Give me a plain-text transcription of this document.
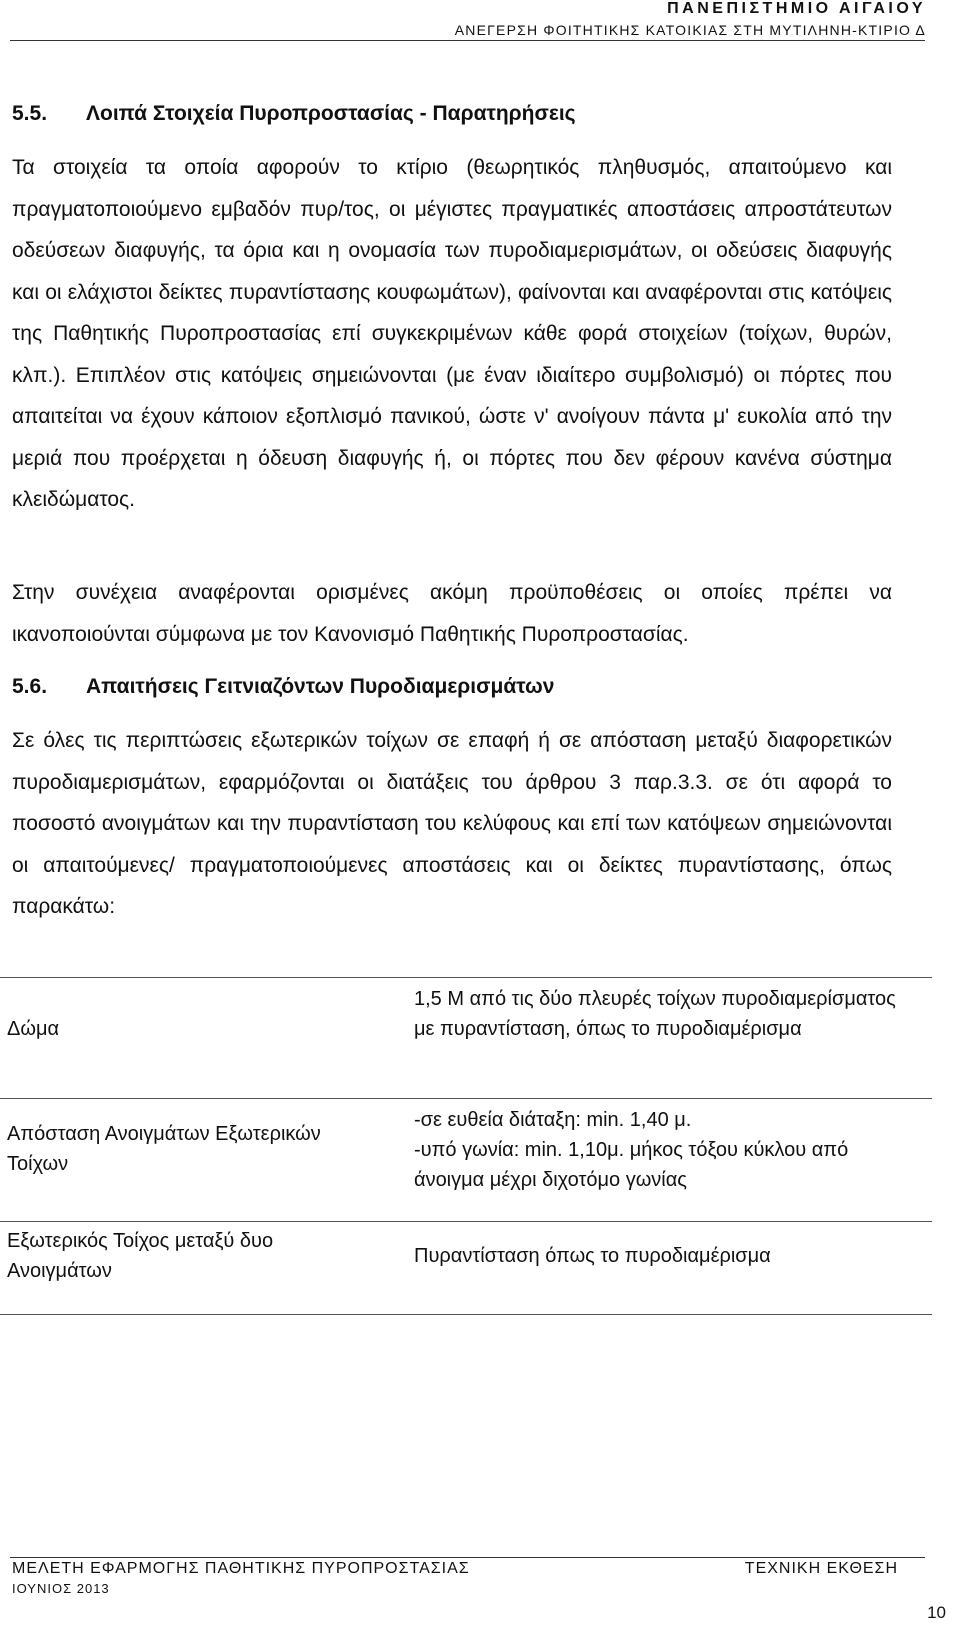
ΠΑΝΕΠΙΣΤΗΜΙΟ ΑΙΓΑΙΟΥ
ΑΝΕΓΕΡΣΗ ΦΟΙΤΗΤΙΚΗΣ ΚΑΤΟΙΚΙΑΣ ΣΤΗ ΜΥΤΙΛΗΝΗ-ΚΤΙΡΙΟ Δ
5.5. Λοιπά Στοιχεία Πυροπροστασίας - Παρατηρήσεις

Τα στοιχεία τα οποία αφορούν το κτίριο (θεωρητικός πληθυσμός, απαιτούμενο και πραγματοποιούμενο εμβαδόν πυρ/τος, οι μέγιστες πραγματικές αποστάσεις απροστάτευτων οδεύσεων διαφυγής, τα όρια και η ονομασία των πυροδιαμερισμάτων, οι οδεύσεις διαφυγής και οι ελάχιστοι δείκτες πυραντίστασης κουφωμάτων), φαίνονται και αναφέρονται στις κατόψεις της Παθητικής Πυροπροστασίας επί συγκεκριμένων κάθε φορά στοιχείων (τοίχων, θυρών, κλπ.). Επιπλέον στις κατόψεις σημειώνονται (με έναν ιδιαίτερο συμβολισμό) οι πόρτες που απαιτείται να έχουν κάποιον εξοπλισμό πανικού, ώστε ν' ανοίγουν πάντα μ' ευκολία από την μεριά που προέρχεται η όδευση διαφυγής ή, οι πόρτες που δεν φέρουν κανένα σύστημα κλειδώματος.

Στην συνέχεια αναφέρονται ορισμένες ακόμη προϋποθέσεις οι οποίες πρέπει να ικανοποιούνται σύμφωνα με τον Κανονισμό Παθητικής Πυροπροστασίας.

5.6. Απαιτήσεις Γειτνιαζόντων Πυροδιαμερισμάτων

Σε όλες τις περιπτώσεις εξωτερικών τοίχων σε επαφή ή σε απόσταση μεταξύ διαφορετικών πυροδιαμερισμάτων, εφαρμόζονται οι διατάξεις του άρθρου 3 παρ.3.3. σε ότι αφορά το ποσοστό ανοιγμάτων και την πυραντίσταση του κελύφους και επί των κατόψεων σημειώνονται οι απαιτούμενες/ πραγματοποιούμενες αποστάσεις και οι δείκτες πυραντίστασης, όπως παρακάτω:

Δώμα
1,5 Μ από τις δύο πλευρές τοίχων πυροδιαμερίσματος με πυραντίσταση, όπως το πυροδιαμέρισμα
Απόσταση Ανοιγμάτων Εξωτερικών Τοίχων
-σε ευθεία διάταξη: min. 1,40 μ.
-υπό γωνία: min. 1,10μ. μήκος τόξου κύκλου από άνοιγμα μέχρι διχοτόμο γωνίας
Εξωτερικός Τοίχος μεταξύ δυο Ανοιγμάτων
Πυραντίσταση όπως το πυροδιαμέρισμα
ΜΕΛΕΤΗ ΕΦΑΡΜΟΓΗΣ ΠΑΘΗΤΙΚΗΣ ΠΥΡΟΠΡΟΣΤΑΣΙΑΣ
ΙΟΥΝΙΟΣ 2013
ΤΕΧΝΙΚΗ ΕΚΘΕΣΗ
10
